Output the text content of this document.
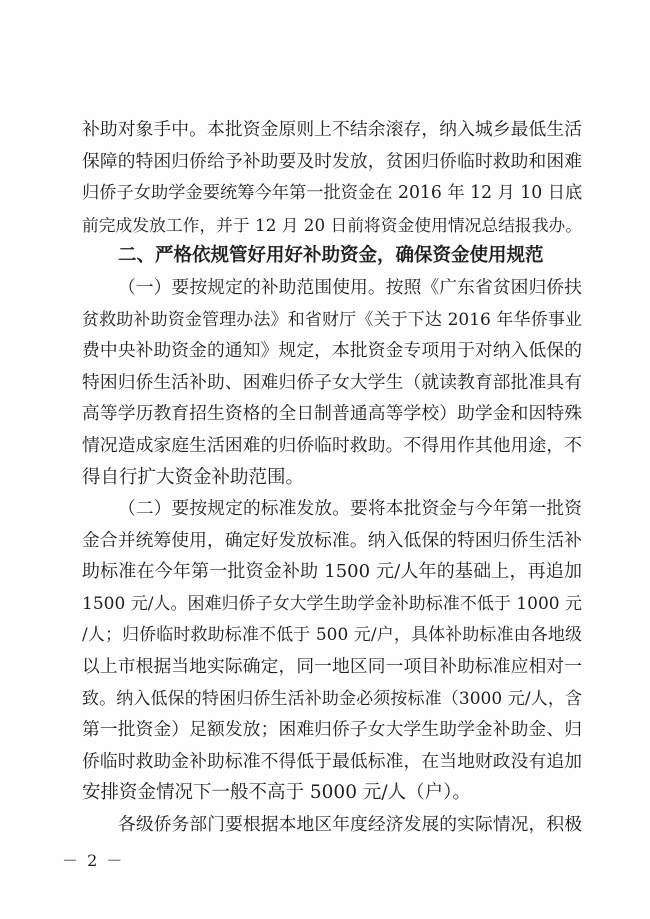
补助对象手中。本批资金原则上不结余滚存，纳入城乡最低生活
保障的特困归侨给予补助要及时发放，贫困归侨临时救助和困难
归侨子女助学金要统筹今年第一批资金在 2016 年 12 月 10 日底
前完成发放工作，并于 12 月 20 日前将资金使用情况总结报我办。
二、严格依规管好用好补助资金，确保资金使用规范
（一）要按规定的补助范围使用。按照《广东省贫困归侨扶
贫救助补助资金管理办法》和省财厅《关于下达 2016 年华侨事业
费中央补助资金的通知》规定，本批资金专项用于对纳入低保的
特困归侨生活补助、困难归侨子女大学生（就读教育部批准具有
高等学历教育招生资格的全日制普通高等学校）助学金和因特殊
情况造成家庭生活困难的归侨临时救助。不得用作其他用途，不
得自行扩大资金补助范围。
（二）要按规定的标准发放。要将本批资金与今年第一批资
金合并统筹使用，确定好发放标准。纳入低保的特困归侨生活补
助标准在今年第一批资金补助 1500 元/人年的基础上，再追加
1500 元/人。困难归侨子女大学生助学金补助标准不低于 1000 元
/人；归侨临时救助标准不低于 500 元/户，具体补助标准由各地级
以上市根据当地实际确定，同一地区同一项目补助标准应相对一
致。纳入低保的特困归侨生活补助金必须按标准（3000 元/人，含
第一批资金）足额发放；困难归侨子女大学生助学金补助金、归
侨临时救助金补助标准不得低于最低标准，在当地财政没有追加
安排资金情况下一般不高于 5000 元/人（户）。
各级侨务部门要根据本地区年度经济发展的实际情况，积极
－ 2 －
